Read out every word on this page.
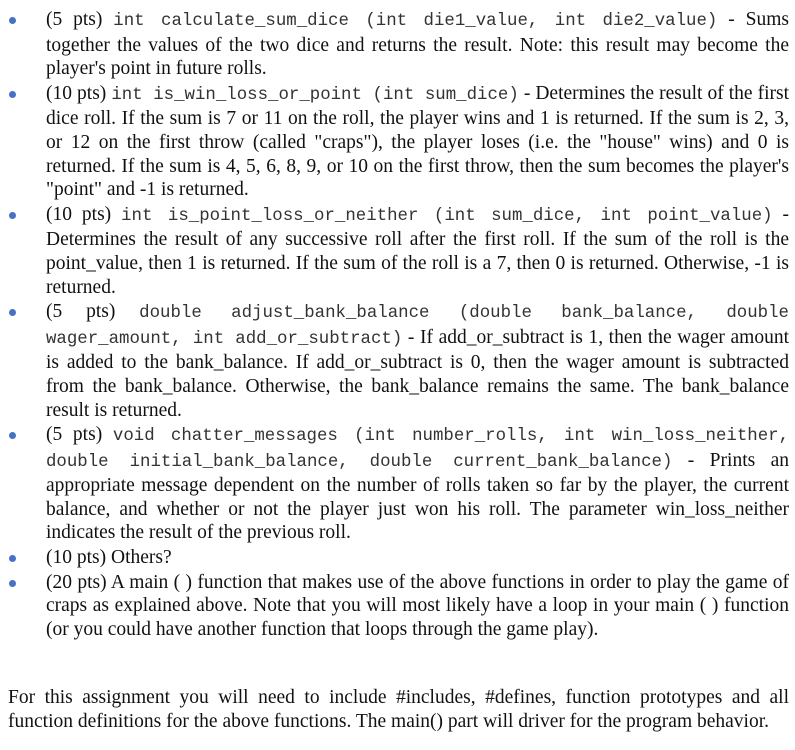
(5 pts) int calculate_sum_dice (int die1_value, int die2_value) - Sums together the values of the two dice and returns the result. Note: this result may become the player's point in future rolls.
(10 pts) int is_win_loss_or_point (int sum_dice) - Determines the result of the first dice roll. If the sum is 7 or 11 on the roll, the player wins and 1 is returned. If the sum is 2, 3, or 12 on the first throw (called "craps"), the player loses (i.e. the "house" wins) and 0 is returned. If the sum is 4, 5, 6, 8, 9, or 10 on the first throw, then the sum becomes the player's "point" and -1 is returned.
(10 pts) int is_point_loss_or_neither (int sum_dice, int point_value) - Determines the result of any successive roll after the first roll. If the sum of the roll is the point_value, then 1 is returned. If the sum of the roll is a 7, then 0 is returned. Otherwise, -1 is returned.
(5 pts) double adjust_bank_balance (double bank_balance, double wager_amount, int add_or_subtract) - If add_or_subtract is 1, then the wager amount is added to the bank_balance. If add_or_subtract is 0, then the wager amount is subtracted from the bank_balance. Otherwise, the bank_balance remains the same. The bank_balance result is returned.
(5 pts) void chatter_messages (int number_rolls, int win_loss_neither, double initial_bank_balance, double current_bank_balance) - Prints an appropriate message dependent on the number of rolls taken so far by the player, the current balance, and whether or not the player just won his roll. The parameter win_loss_neither indicates the result of the previous roll.
(10 pts) Others?
(20 pts) A main ( ) function that makes use of the above functions in order to play the game of craps as explained above. Note that you will most likely have a loop in your main ( ) function (or you could have another function that loops through the game play).

For this assignment you will need to include #includes, #defines, function prototypes and all function definitions for the above functions. The main() part will driver for the program behavior.
